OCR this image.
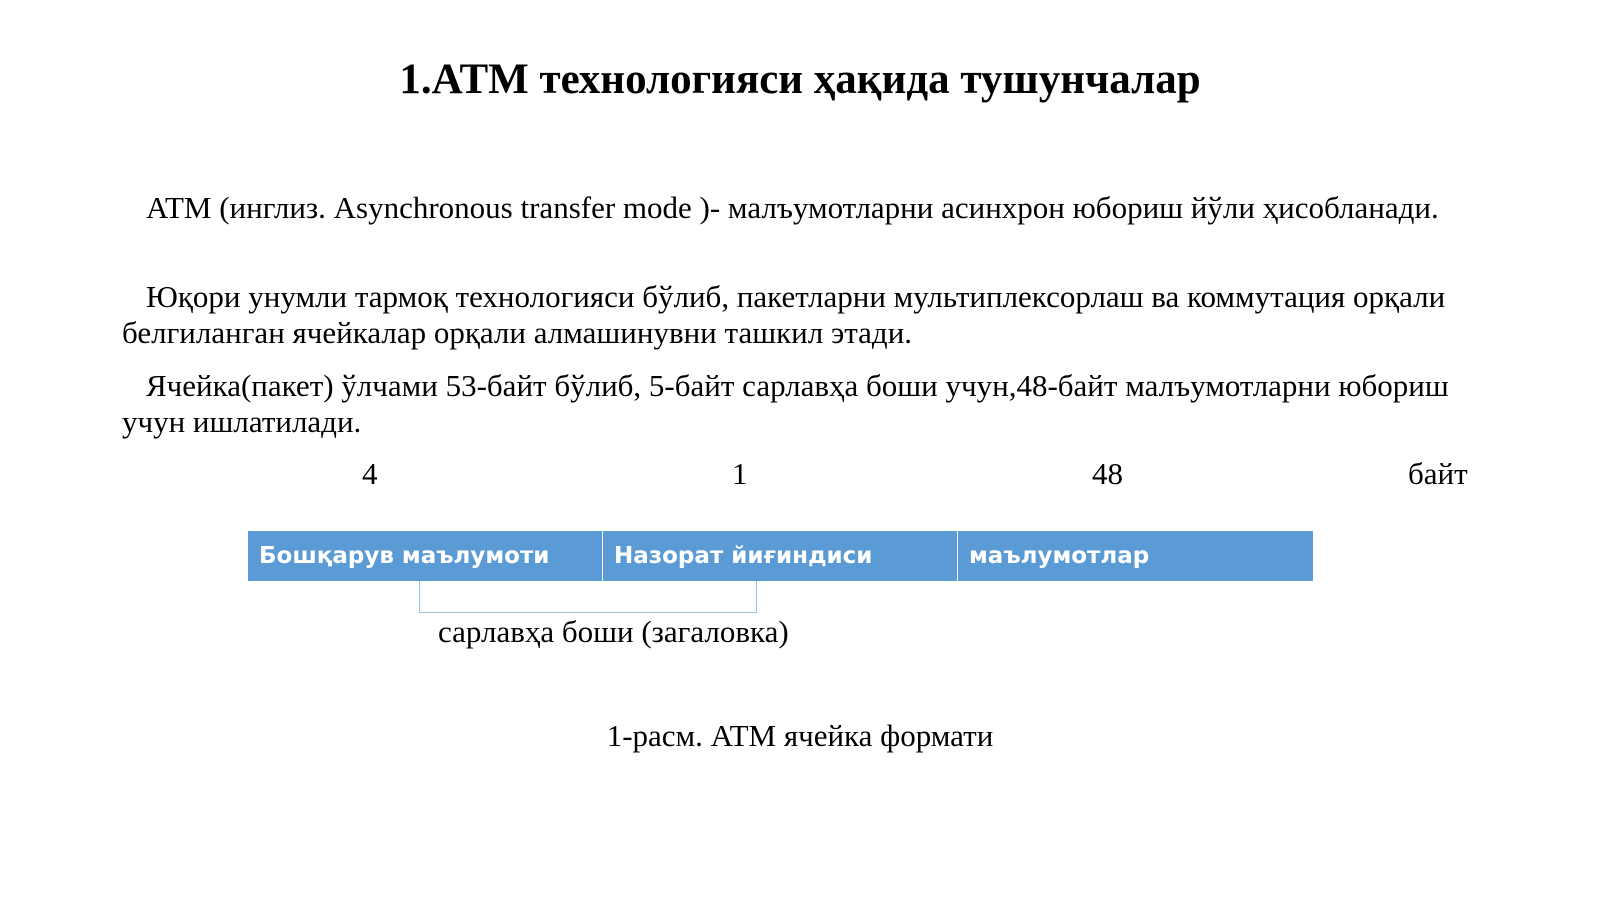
1.ATM технологияси ҳақида тушунчалар

ATM (инглиз. Asynchronous transfer mode )- малъумотларни асинхрон юбориш йўли ҳисобланади.

Юқори унумли тармоқ технологияси бўлиб, пакетларни мультиплексорлаш ва коммутация орқали белгиланган ячейкалар орқали алмашинувни ташкил этади.

Ячейка(пакет) ўлчами 53-байт бўлиб, 5-байт сарлавҳа боши учун,48-байт малъумотларни юбориш учун ишлатилади.

4	1	48	байт
Бошқарув маълумоти	Назорат йиғиндиси	маълумотлар
сарлавҳа боши (загаловка)
1-расм. ATM ячейка формати
